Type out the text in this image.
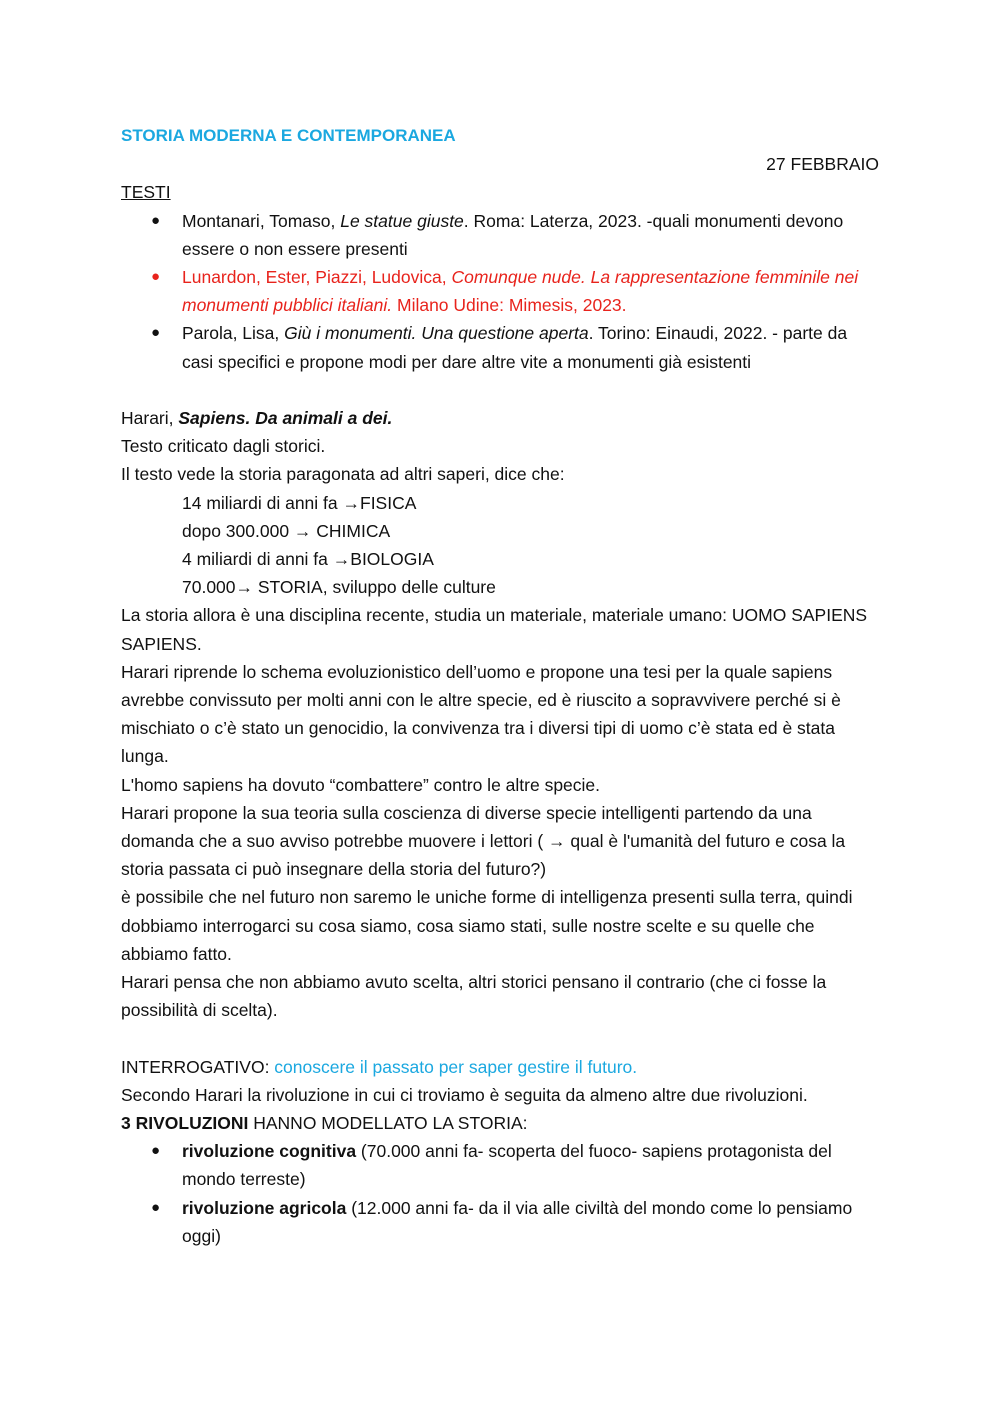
STORIA MODERNA E CONTEMPORANEA

27 FEBBRAIO

TESTI

● Montanari, Tomaso, Le statue giuste. Roma: Laterza, 2023. -quali monumenti devono essere o non essere presenti
● Lunardon, Ester, Piazzi, Ludovica, Comunque nude. La rappresentazione femminile nei monumenti pubblici italiani. Milano Udine: Mimesis, 2023.
● Parola, Lisa, Giù i monumenti. Una questione aperta. Torino: Einaudi, 2022. - parte da casi specifici e propone modi per dare altre vite a monumenti già esistenti

Harari, Sapiens. Da animali a dei.

Testo criticato dagli storici.

Il testo vede la storia paragonata ad altri saperi, dice che:

14 miliardi di anni fa →FISICA

dopo 300.000 → CHIMICA

4 miliardi di anni fa →BIOLOGIA

70.000→ STORIA, sviluppo delle culture

La storia allora è una disciplina recente, studia un materiale, materiale umano: UOMO SAPIENS SAPIENS.

Harari riprende lo schema evoluzionistico dell’uomo e propone una tesi per la quale sapiens avrebbe convissuto per molti anni con le altre specie, ed è riuscito a sopravvivere perché si è mischiato o c’è stato un genocidio, la convivenza tra i diversi tipi di uomo c’è stata ed è stata lunga.

L'homo sapiens ha dovuto “combattere” contro le altre specie.

Harari propone la sua teoria sulla coscienza di diverse specie intelligenti partendo da una domanda che a suo avviso potrebbe muovere i lettori ( → qual è l'umanità del futuro e cosa la storia passata ci può insegnare della storia del futuro?)

è possibile che nel futuro non saremo le uniche forme di intelligenza presenti sulla terra, quindi dobbiamo interrogarci su cosa siamo, cosa siamo stati, sulle nostre scelte e su quelle che abbiamo fatto.

Harari pensa che non abbiamo avuto scelta, altri storici pensano il contrario (che ci fosse la possibilità di scelta).

INTERROGATIVO: conoscere il passato per saper gestire il futuro.

Secondo Harari la rivoluzione in cui ci troviamo è seguita da almeno altre due rivoluzioni.

3 RIVOLUZIONI HANNO MODELLATO LA STORIA:

● rivoluzione cognitiva (70.000 anni fa- scoperta del fuoco- sapiens protagonista del mondo terreste)
● rivoluzione agricola (12.000 anni fa- da il via alle civiltà del mondo come lo pensiamo oggi)
